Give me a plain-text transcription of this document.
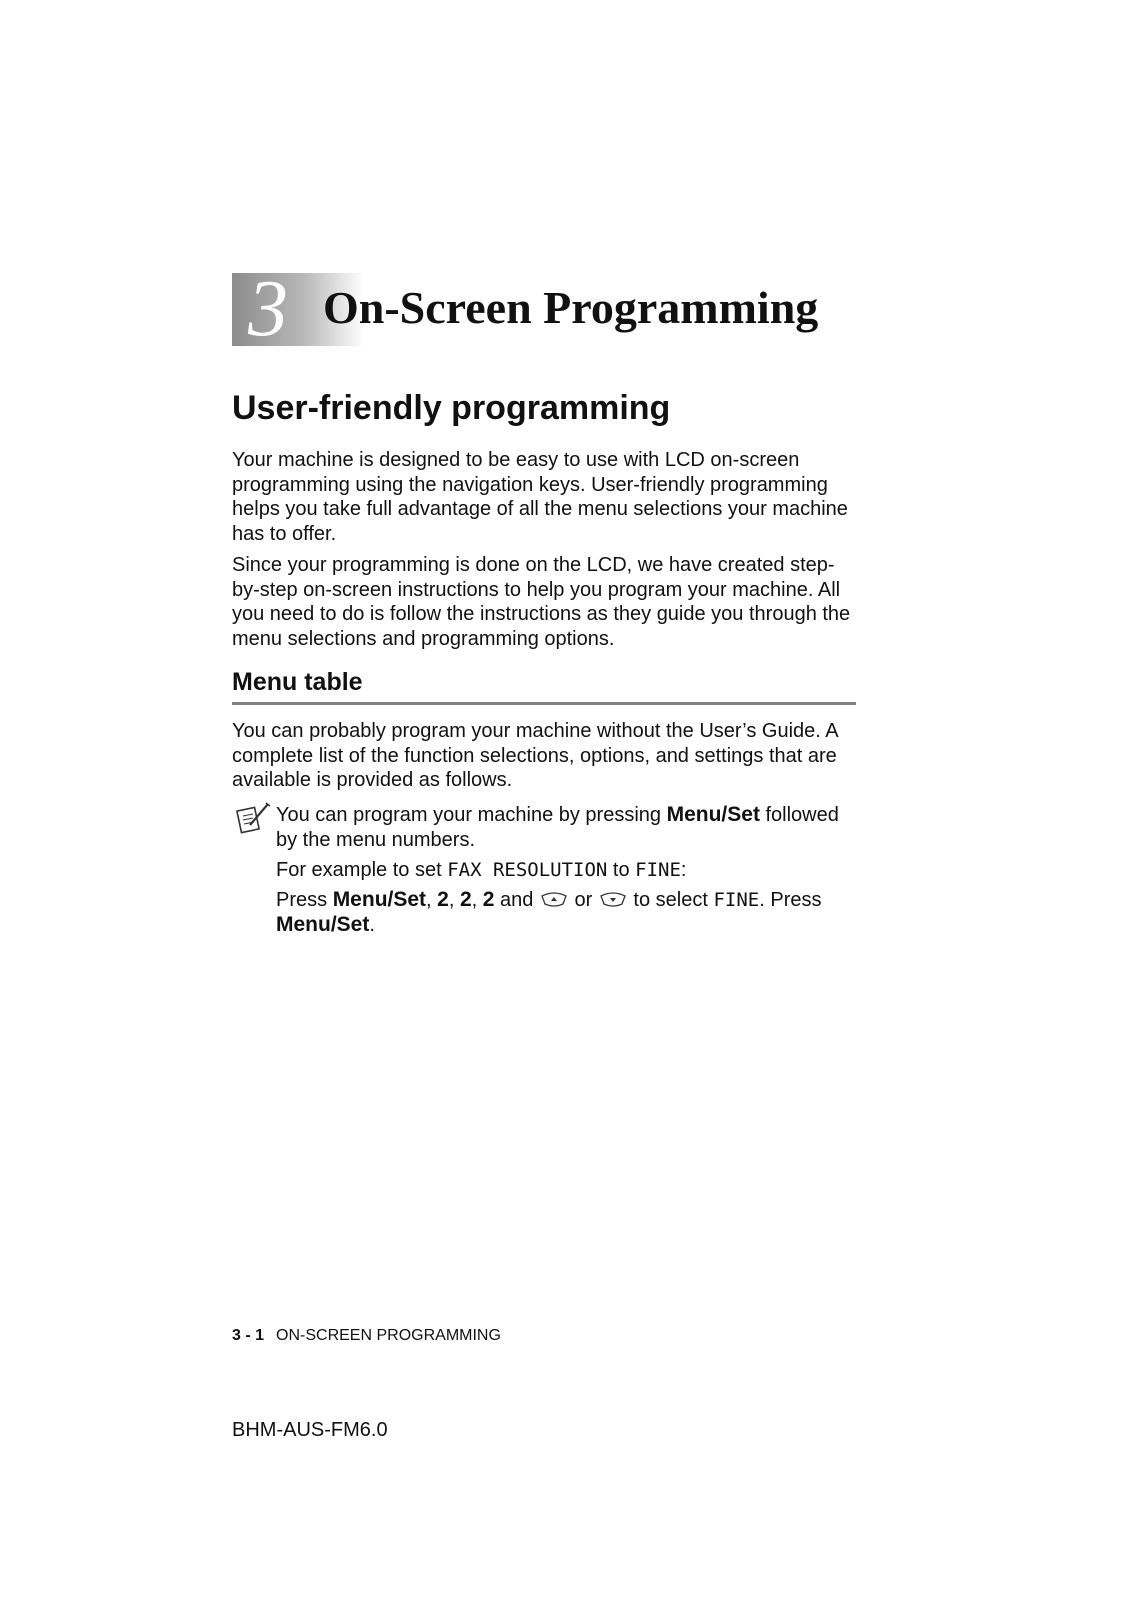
3 On-Screen Programming
User-friendly programming

Your machine is designed to be easy to use with LCD on-screen programming using the navigation keys. User-friendly programming helps you take full advantage of all the menu selections your machine has to offer.

Since your programming is done on the LCD, we have created step-by-step on-screen instructions to help you program your machine. All you need to do is follow the instructions as they guide you through the menu selections and programming options.

Menu table

You can probably program your machine without the User’s Guide. A complete list of the function selections, options, and settings that are available is provided as follows.

You can program your machine by pressing Menu/Set followed

by the menu numbers.

For example to set FAX RESOLUTION to FINE:

Press Menu/Set, 2, 2, 2 and  or  to select FINE. Press

Menu/Set.

3 - 1 ON-SCREEN PROGRAMMING
BHM-AUS-FM6.0
